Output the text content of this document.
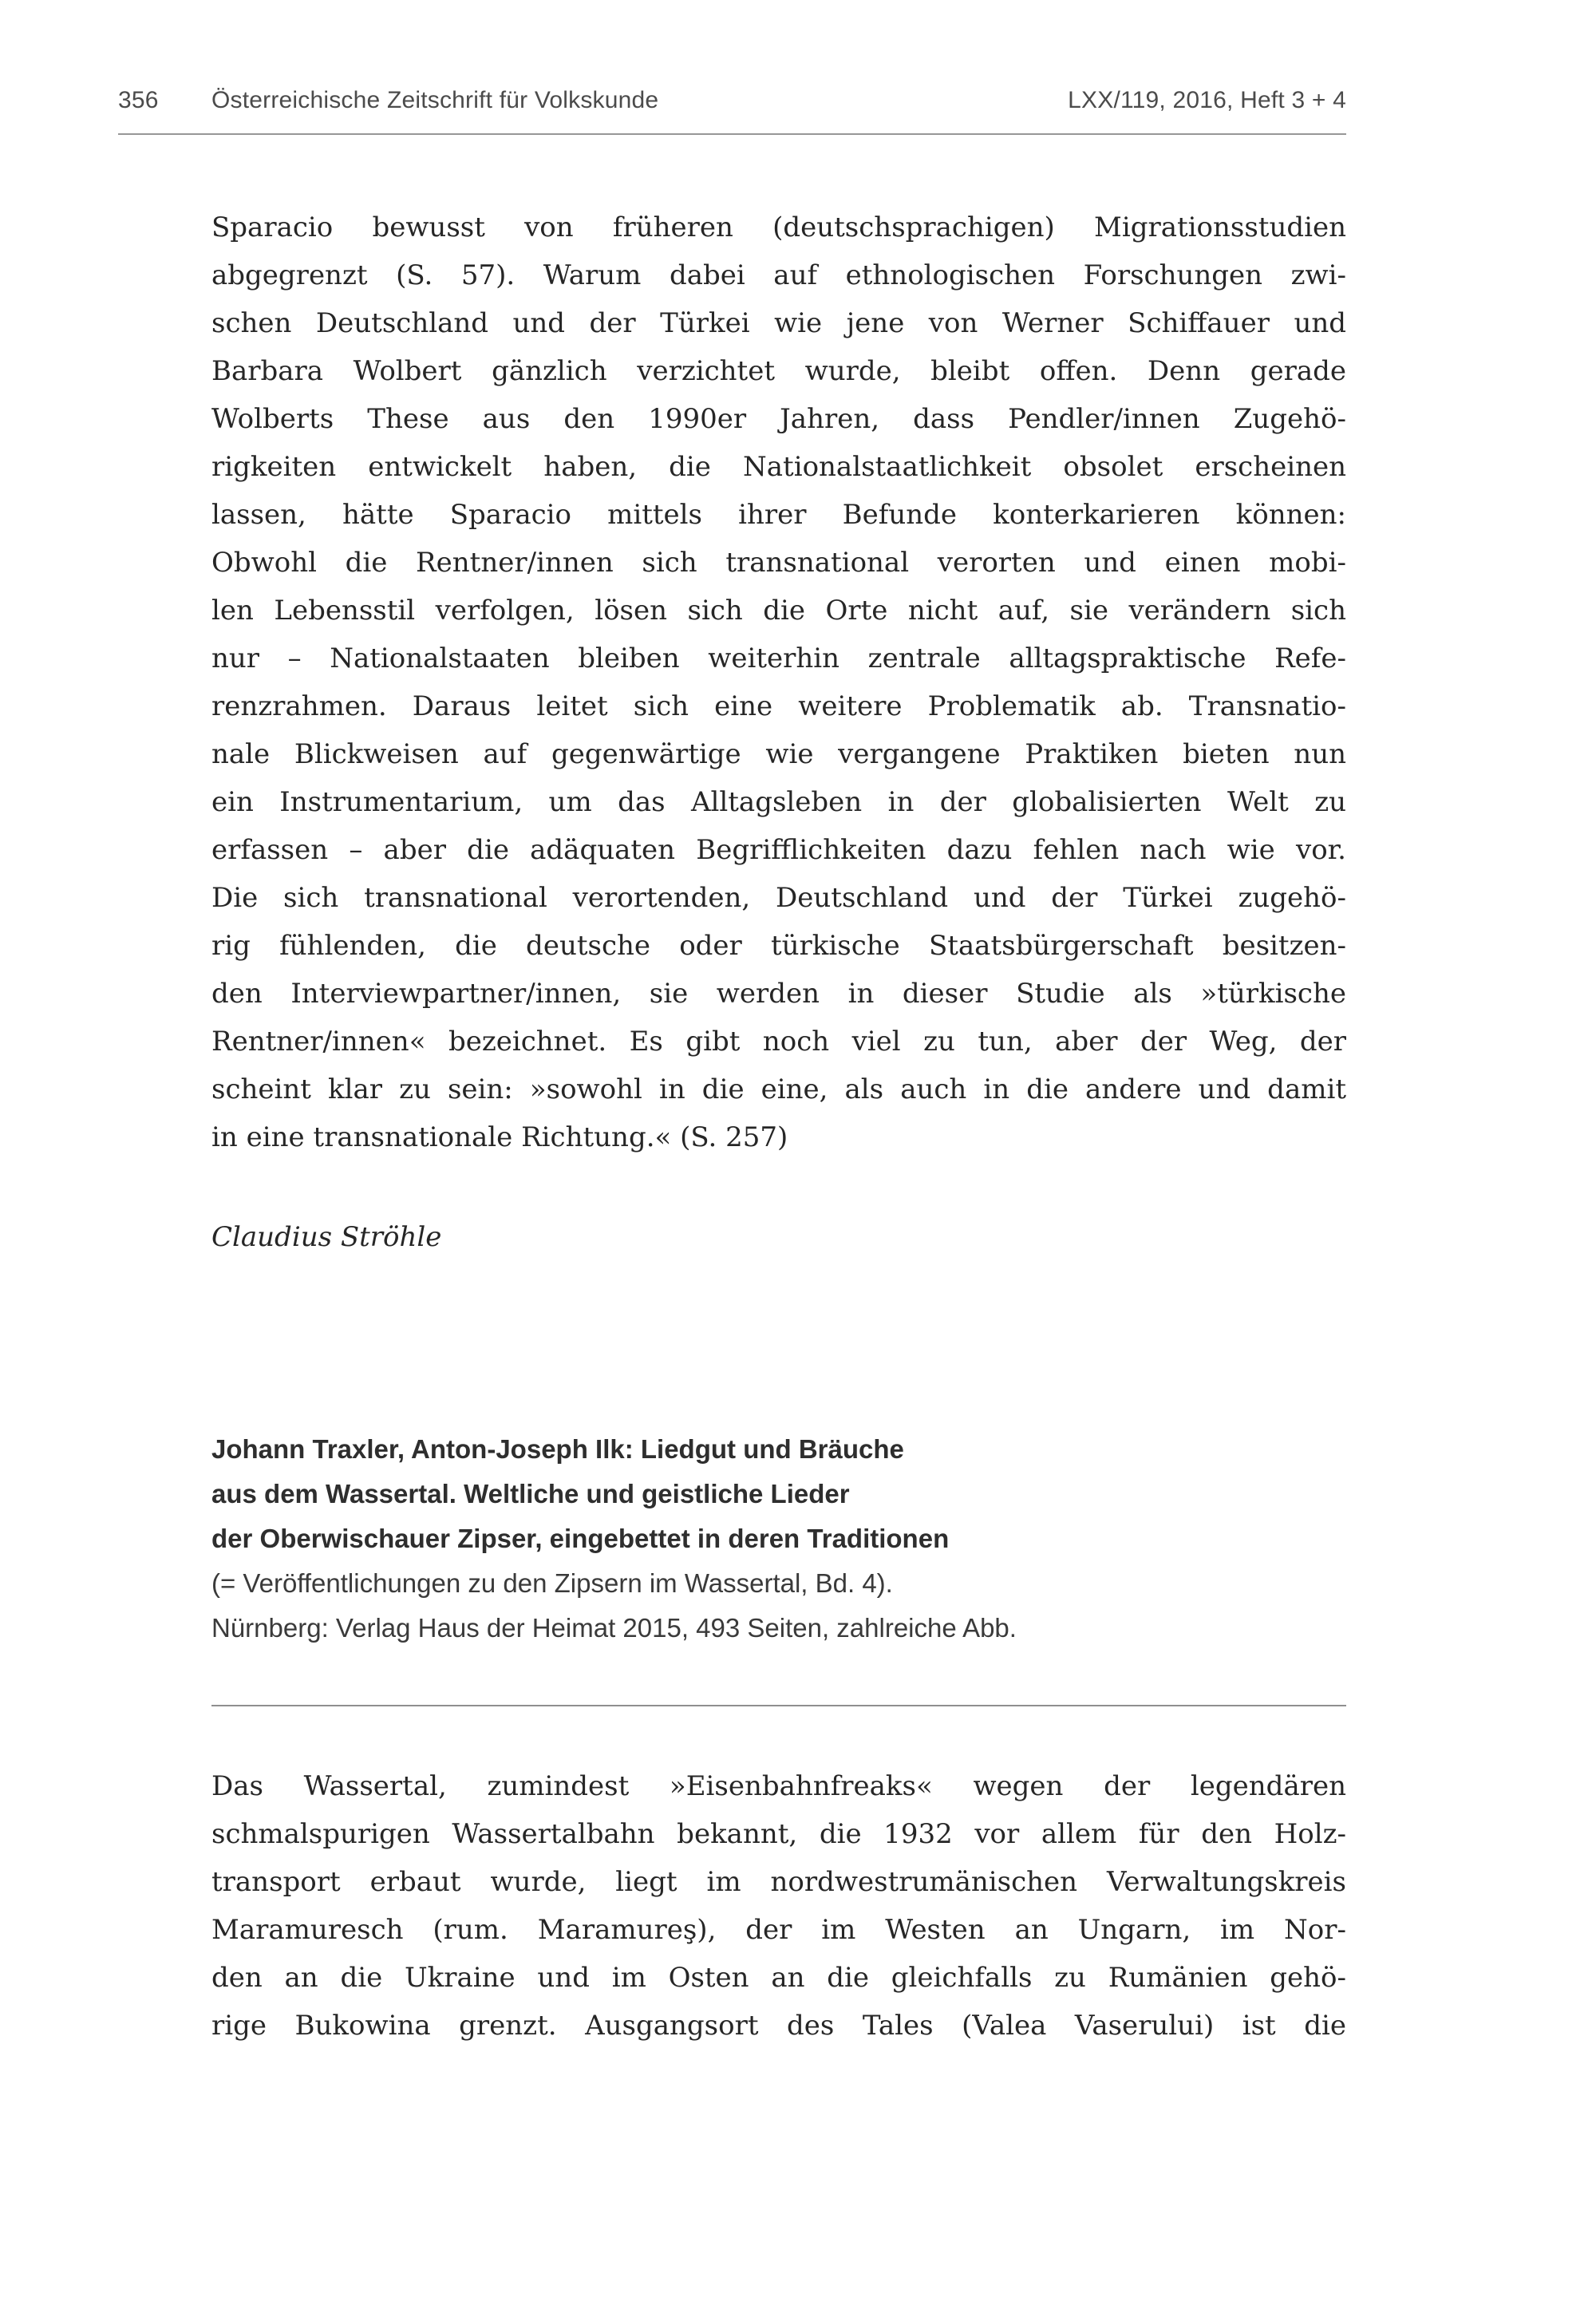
356	Österreichische Zeitschrift für Volkskunde	LXX/119, 2016, Heft 3 + 4
Sparacio bewusst von früheren (deutschsprachigen) Migrationsstudien
abgegrenzt (S. 57). Warum dabei auf ethnologischen Forschungen zwi-
schen Deutschland und der Türkei wie jene von Werner Schiffauer und
Barbara Wolbert gänzlich verzichtet wurde, bleibt offen. Denn gerade
Wolberts These aus den 1990er Jahren, dass Pendler/innen Zugehö-
rigkeiten entwickelt haben, die Nationalstaatlichkeit obsolet erscheinen
lassen, hätte Sparacio mittels ihrer Befunde konterkarieren können:
Obwohl die Rentner/innen sich transnational verorten und einen mobi-
len Lebensstil verfolgen, lösen sich die Orte nicht auf, sie verändern sich
nur – Nationalstaaten bleiben weiterhin zentrale alltagspraktische Refe-
renzrahmen. Daraus leitet sich eine weitere Problematik ab. Transnatio-
nale Blickweisen auf gegenwärtige wie vergangene Praktiken bieten nun
ein Instrumentarium, um das Alltagsleben in der globalisierten Welt zu
erfassen – aber die adäquaten Begrifflichkeiten dazu fehlen nach wie vor.
Die sich transnational verortenden, Deutschland und der Türkei zugehö-
rig fühlenden, die deutsche oder türkische Staatsbürgerschaft besitzen-
den Interviewpartner/innen, sie werden in dieser Studie als »türkische
Rentner/innen« bezeichnet. Es gibt noch viel zu tun, aber der Weg, der
scheint klar zu sein: »sowohl in die eine, als auch in die andere und damit
in eine transnationale Richtung.« (S. 257)
Claudius Ströhle
Johann Traxler, Anton-Joseph Ilk: Liedgut und Bräuche
aus dem Wassertal. Weltliche und geistliche Lieder
der Oberwischauer Zipser, eingebettet in deren Traditionen
(= Veröffentlichungen zu den Zipsern im Wassertal, Bd. 4).
Nürnberg: Verlag Haus der Heimat 2015, 493 Seiten, zahlreiche Abb.
Das Wassertal, zumindest »Eisenbahnfreaks« wegen der legendären
schmalspurigen Wassertalbahn bekannt, die 1932 vor allem für den Holz-
transport erbaut wurde, liegt im nordwestrumänischen Verwaltungskreis
Maramuresch (rum. Maramureş), der im Westen an Ungarn, im Nor-
den an die Ukraine und im Osten an die gleichfalls zu Rumänien gehö-
rige Bukowina grenzt. Ausgangsort des Tales (Valea Vaserului) ist die
